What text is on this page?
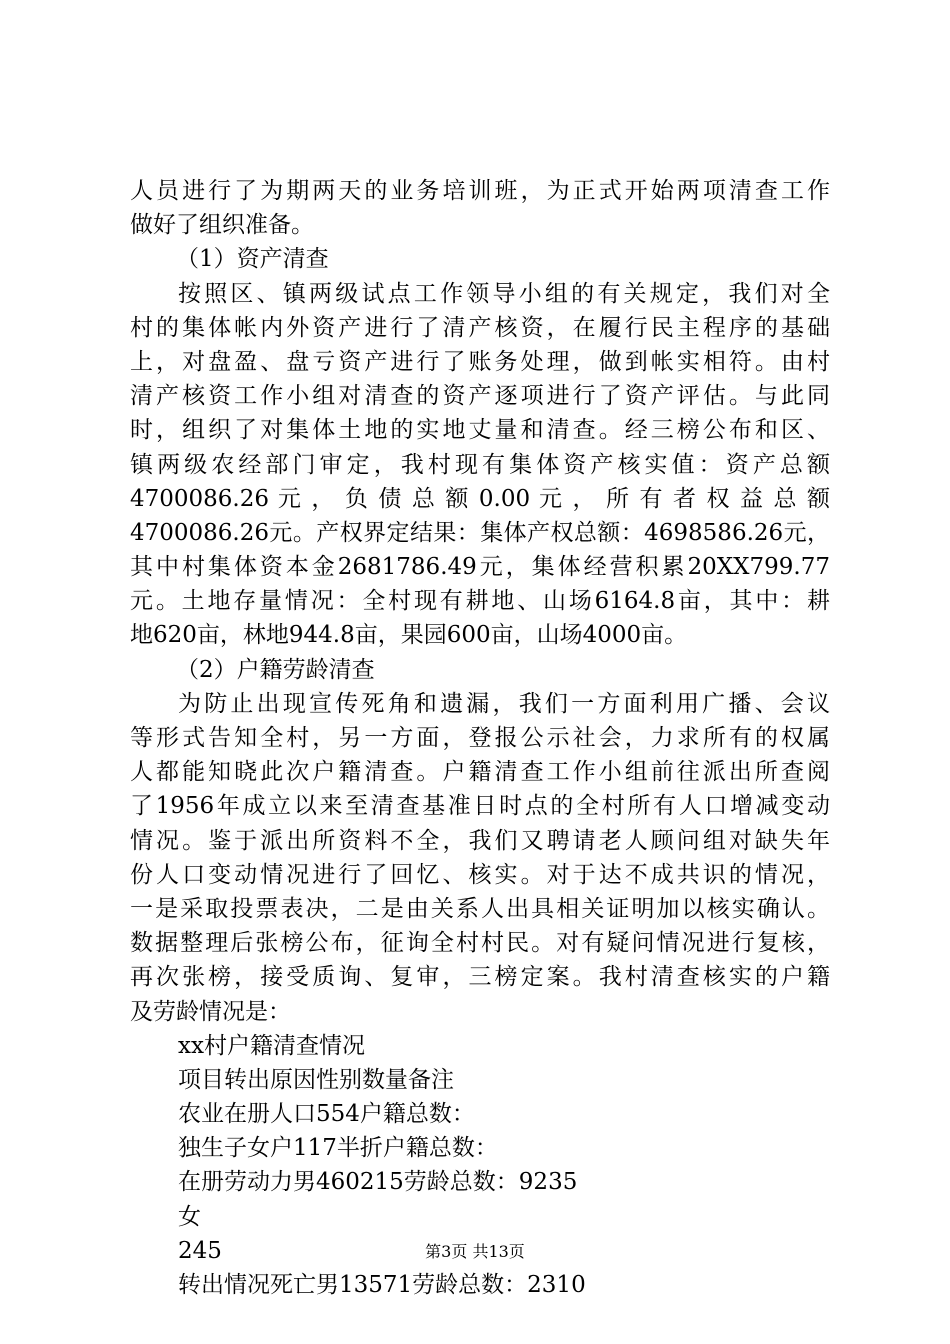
人员进行了为期两天的业务培训班，为正式开始两项清查工作
做好了组织准备。
（1）资产清查
按照区、镇两级试点工作领导小组的有关规定，我们对全
村的集体帐内外资产进行了清产核资，在履行民主程序的基础
上，对盘盈、盘亏资产进行了账务处理，做到帐实相符。由村
清产核资工作小组对清查的资产逐项进行了资产评估。与此同
时，组织了对集体土地的实地丈量和清查。经三榜公布和区、
镇两级农经部门审定，我村现有集体资产核实值：资产总额
4700086.26 元 ， 负 债 总 额 0.00 元 ， 所 有 者 权 益 总 额
4700086.26元。产权界定结果：集体产权总额：4698586.26元，
其中村集体资本金2681786.49元，集体经营积累20XX799.77
元。土地存量情况：全村现有耕地、山场6164.8亩，其中：耕
地620亩，林地944.8亩，果园600亩，山场4000亩。
（2）户籍劳龄清查
为防止出现宣传死角和遗漏，我们一方面利用广播、会议
等形式告知全村，另一方面，登报公示社会，力求所有的权属
人都能知晓此次户籍清查。户籍清查工作小组前往派出所查阅
了1956年成立以来至清查基准日时点的全村所有人口增减变动
情况。鉴于派出所资料不全，我们又聘请老人顾问组对缺失年
份人口变动情况进行了回忆、核实。对于达不成共识的情况，
一是采取投票表决，二是由关系人出具相关证明加以核实确认。
数据整理后张榜公布，征询全村村民。对有疑问情况进行复核，
再次张榜，接受质询、复审，三榜定案。我村清查核实的户籍
及劳龄情况是：
xx村户籍清查情况
项目转出原因性别数量备注
农业在册人口554户籍总数：
独生子女户117半折户籍总数：
在册劳动力男460215劳龄总数：9235
女
245
转出情况死亡男13571劳龄总数：2310
第3页 共13页
